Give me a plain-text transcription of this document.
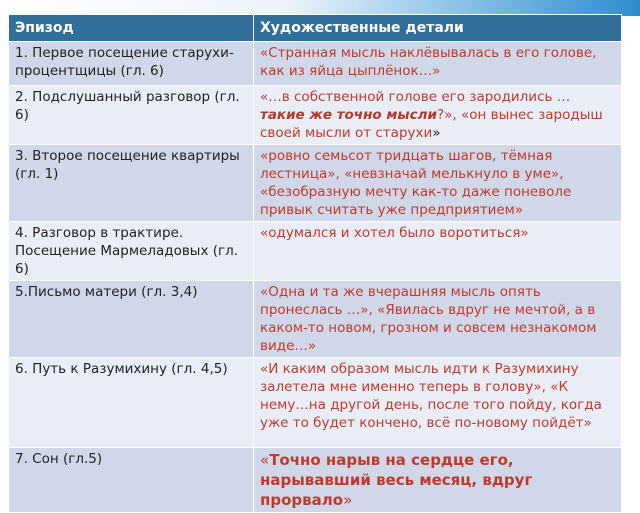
Эпизод	Художественные детали
1. Первое посещение старухи-процентщицы (гл. 6)	«Странная мысль наклёвывалась в его голове, как из яйца цыплёнок…»
2. Подслушанный разговор (гл. 6)	«…в собственной голове его зародились … такие же точно мысли?», «он вынес зародыш своей мысли от старухи»
3. Второе посещение квартиры (гл. 1)	«ровно семьсот тридцать шагов, тёмная лестница», «невзначай мелькнуло в уме», «безобразную мечту как-то даже поневоле привык считать уже предприятием»
4. Разговор в трактире. Посещение Мармеладовых (гл. 6)	«одумался и хотел было воротиться»
5.Письмо матери (гл. 3,4)	«Одна и та же вчерашняя мысль опять пронеслась …», «Явилась вдруг не мечтой, а в каком-то новом, грозном и совсем незнакомом виде…»
6. Путь к Разумихину (гл. 4,5)	«И каким образом мысль идти к Разумихину залетела мне именно теперь в голову», «К нему…на другой день, после того пойду, когда уже то будет кончено, всё по-новому пойдёт»
7. Сон (гл.5)	«Точно нарыв на сердце его, нарывавший весь месяц, вдруг прорвало»
